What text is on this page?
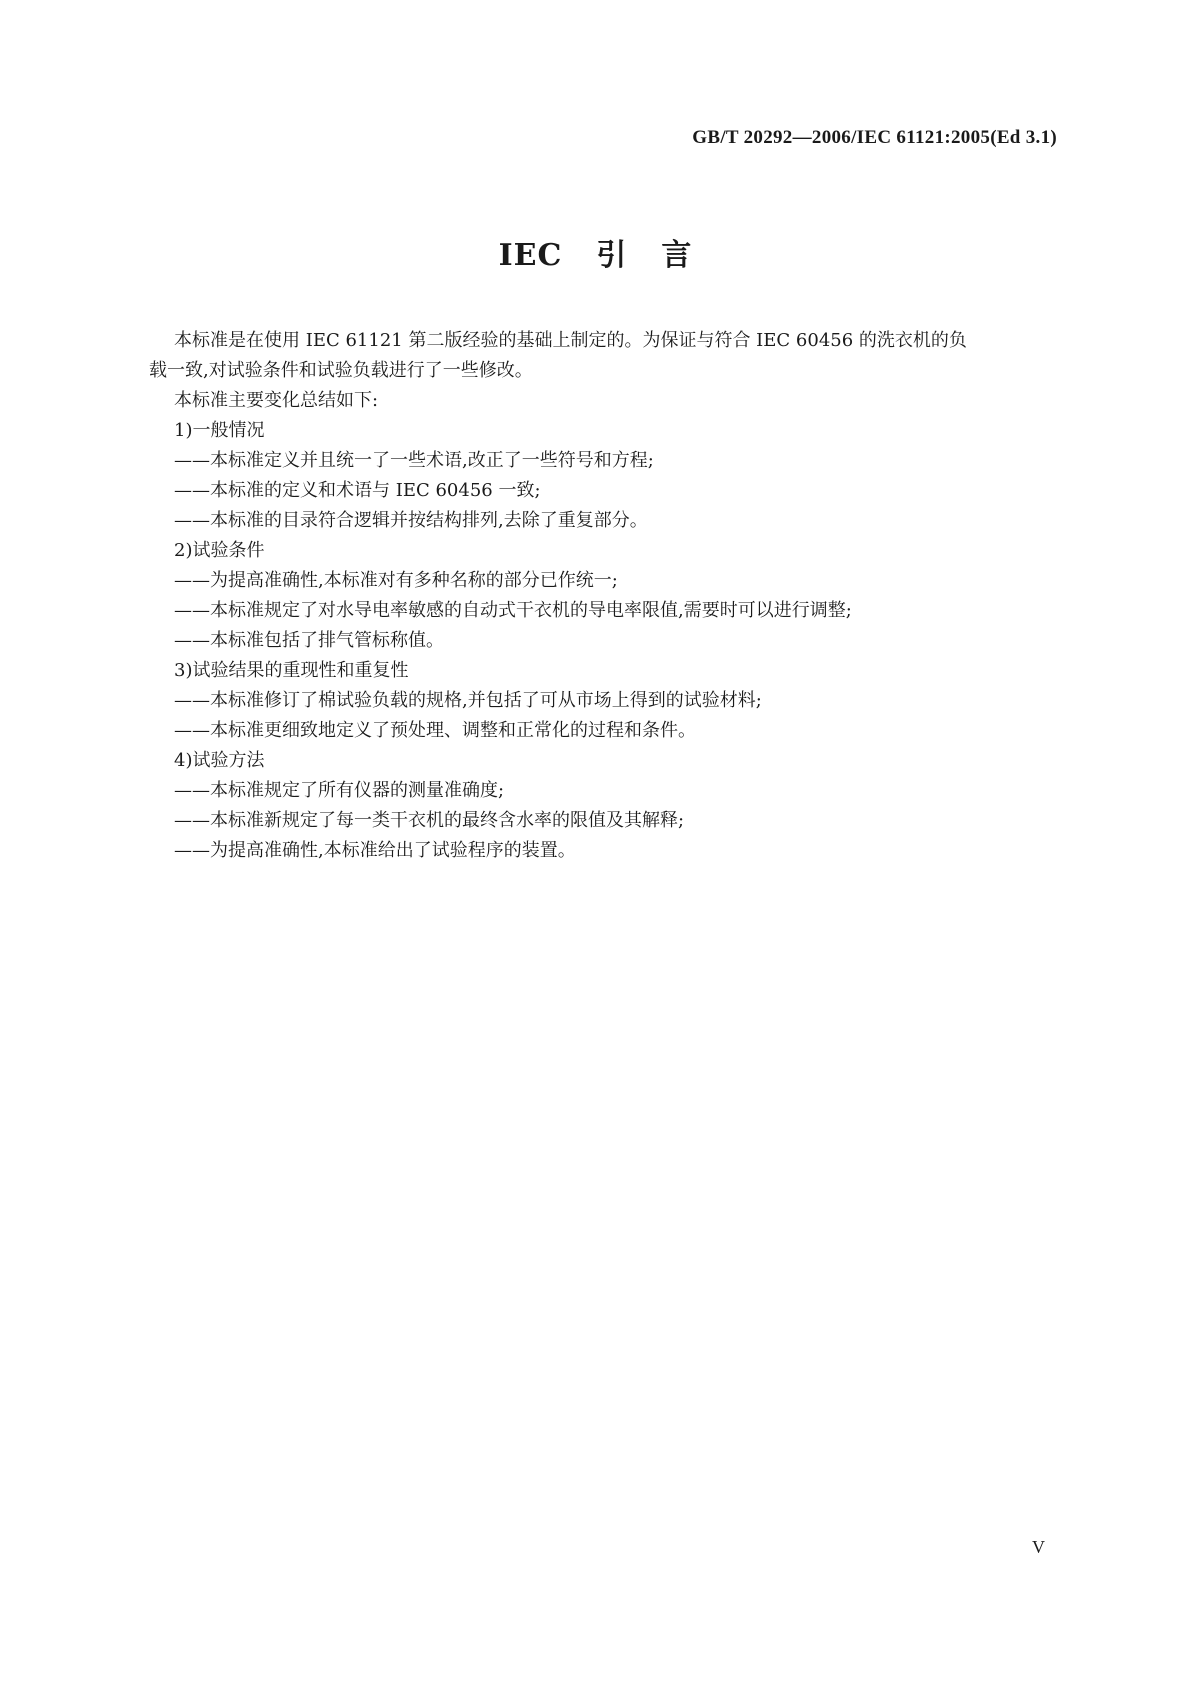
GB/T 20292—2006/IEC 61121:2005(Ed 3.1)
IEC 引 言
本标准是在使用 IEC 61121 第二版经验的基础上制定的。为保证与符合 IEC 60456 的洗衣机的负
载一致,对试验条件和试验负载进行了一些修改。
本标准主要变化总结如下:
1)一般情况
——本标准定义并且统一了一些术语,改正了一些符号和方程;
——本标准的定义和术语与 IEC 60456 一致;
——本标准的目录符合逻辑并按结构排列,去除了重复部分。
2)试验条件
——为提高准确性,本标准对有多种名称的部分已作统一;
——本标准规定了对水导电率敏感的自动式干衣机的导电率限值,需要时可以进行调整;
——本标准包括了排气管标称值。
3)试验结果的重现性和重复性
——本标准修订了棉试验负载的规格,并包括了可从市场上得到的试验材料;
——本标准更细致地定义了预处理、调整和正常化的过程和条件。
4)试验方法
——本标准规定了所有仪器的测量准确度;
——本标准新规定了每一类干衣机的最终含水率的限值及其解释;
——为提高准确性,本标准给出了试验程序的装置。
V
